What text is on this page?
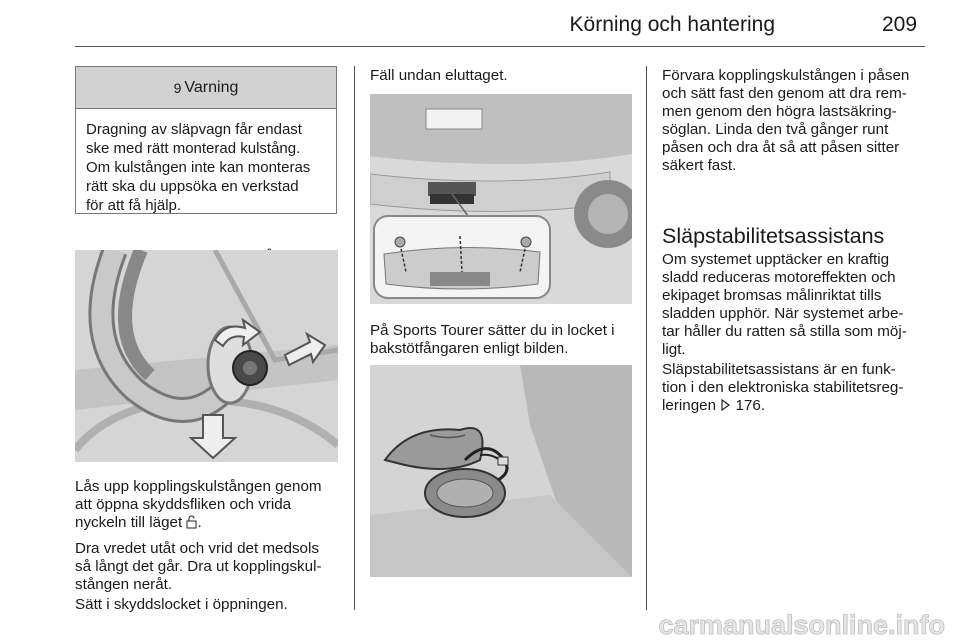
Körning och hantering	209
9 Varning
Dragning av släpvagn får endast
ske med rätt monterad kulstång.
Om kulstången inte kan monteras
rätt ska du uppsöka en verkstad
för att få hjälp.
Lås upp kopplingskulstången genom
att öppna skyddsfliken och vrida
nyckeln till läget .
Dra vredet utåt och vrid det medsols
så långt det går. Dra ut kopplingskul-
stången neråt.
Sätt i skyddslocket i öppningen.
Fäll undan eluttaget.
På Sports Tourer sätter du in locket i
bakstötfångaren enligt bilden.
Förvara kopplingskulstången i påsen
och sätt fast den genom att dra rem-
men genom den högra lastsäkring-
söglan. Linda den två gånger runt
påsen och dra åt så att påsen sitter
säkert fast.
Släpstabilitetsassistans
Om systemet upptäcker en kraftig
sladd reduceras motoreffekten och
ekipaget bromsas målinriktat tills
sladden upphör. När systemet arbe-
tar håller du ratten så stilla som möj-
ligt.
Släpstabilitetsassistans är en funk-
tion i den elektroniska stabilitetsreg-
leringen  176.
carmanualsonline.info
